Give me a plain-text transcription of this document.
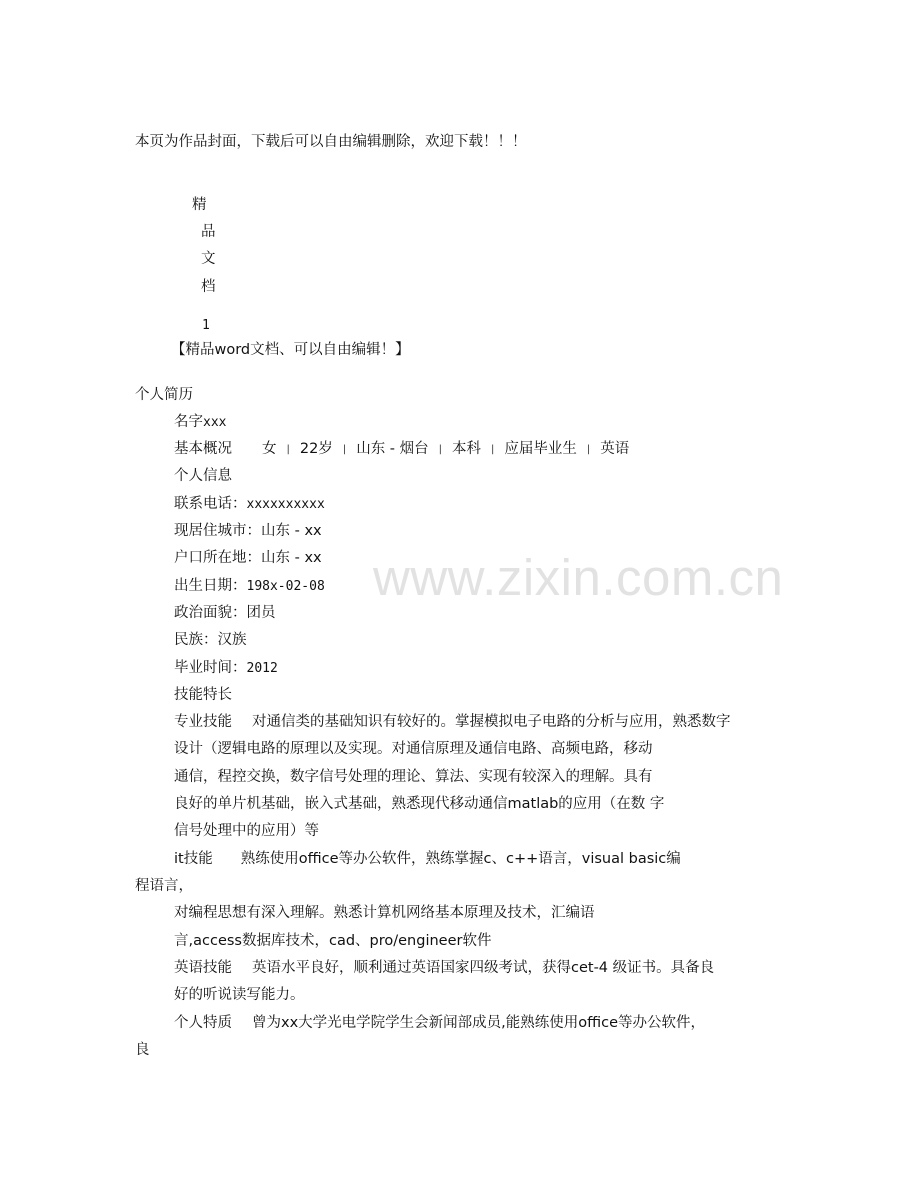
www.zixin.com.cn
本页为作品封面，下载后可以自由编辑删除，欢迎下载！！！
精
品
文
档
1
【精品word文档、可以自由编辑！】
个人简历
名字xxx
基本概况 女 | 22岁 | 山东 - 烟台 | 本科 | 应届毕业生 | 英语
个人信息
联系电话：xxxxxxxxxx
现居住城市：山东 - xx
户口所在地：山东 - xx
出生日期：198x-02-08
政治面貌：团员
民族：汉族
毕业时间：2012
技能特长
专业技能 对通信类的基础知识有较好的。掌握模拟电子电路的分析与应用，熟悉数字
设计（逻辑电路的原理以及实现。对通信原理及通信电路、高频电路，移动
通信，程控交换，数字信号处理的理论、算法、实现有较深入的理解。具有
良好的单片机基础，嵌入式基础，熟悉现代移动通信matlab的应用（在数 字
信号处理中的应用）等
it技能 熟练使用office等办公软件，熟练掌握c、c++语言，visual basic编
程语言，
对编程思想有深入理解。熟悉计算机网络基本原理及技术，汇编语
言,access数据库技术，cad、pro/engineer软件
英语技能 英语水平良好，顺利通过英语国家四级考试，获得cet-4 级证书。具备良
好的听说读写能力。
个人特质 曾为xx大学光电学院学生会新闻部成员,能熟练使用office等办公软件，
良
